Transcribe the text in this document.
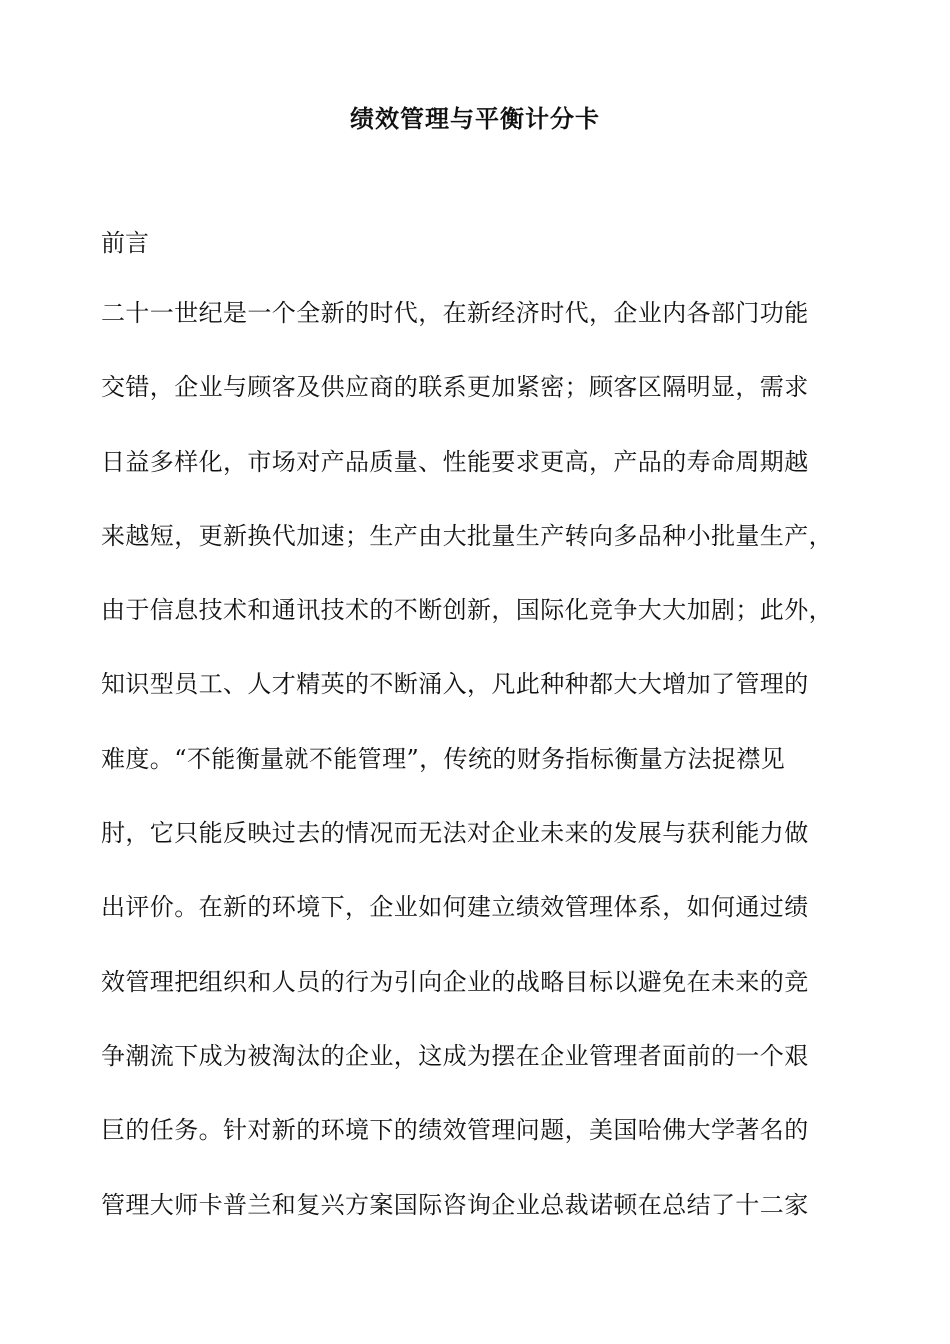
绩效管理与平衡计分卡
前言
二十一世纪是一个全新的时代，在新经济时代，企业内各部门功能
交错，企业与顾客及供应商的联系更加紧密；顾客区隔明显，需求
日益多样化，市场对产品质量、性能要求更高，产品的寿命周期越
来越短，更新换代加速；生产由大批量生产转向多品种小批量生产，
由于信息技术和通讯技术的不断创新，国际化竞争大大加剧；此外，
知识型员工、人才精英的不断涌入，凡此种种都大大增加了管理的
难度。“不能衡量就不能管理”，传统的财务指标衡量方法捉襟见
肘，它只能反映过去的情况而无法对企业未来的发展与获利能力做
出评价。在新的环境下，企业如何建立绩效管理体系，如何通过绩
效管理把组织和人员的行为引向企业的战略目标以避免在未来的竞
争潮流下成为被淘汰的企业，这成为摆在企业管理者面前的一个艰
巨的任务。针对新的环境下的绩效管理问题，美国哈佛大学著名的
管理大师卡普兰和复兴方案国际咨询企业总裁诺顿在总结了十二家
